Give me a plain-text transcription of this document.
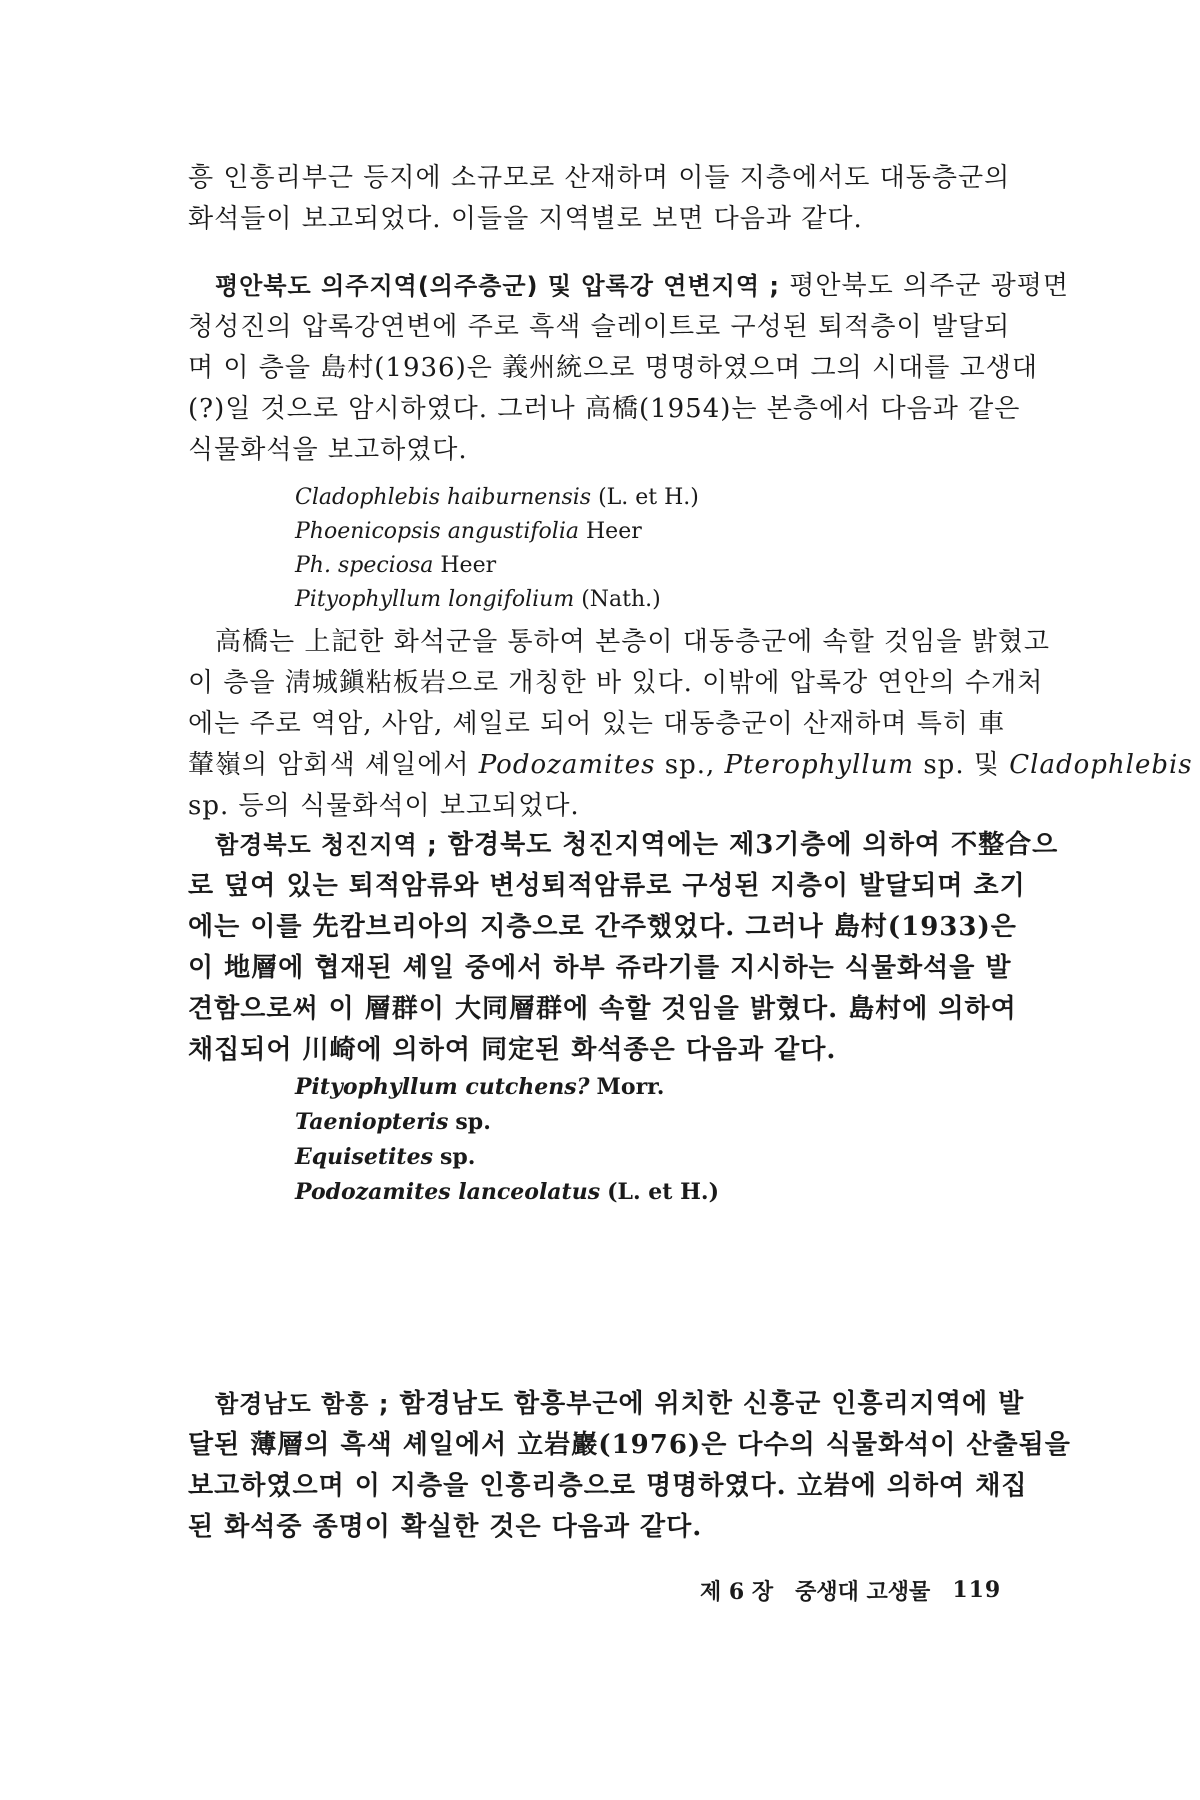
흥 인흥리부근 등지에 소규모로 산재하며 이들 지층에서도 대동층군의

화석들이 보고되었다. 이들을 지역별로 보면 다음과 같다.

 평안북도 의주지역(의주층군) 및 압록강 연변지역 ; 평안북도 의주군 광평면

청성진의 압록강연변에 주로 흑색 슬레이트로 구성된 퇴적층이 발달되

며 이 층을 島村(1936)은 義州統으로 명명하였으며 그의 시대를 고생대

(?)일 것으로 암시하였다. 그러나 高橋(1954)는 본층에서 다음과 같은

식물화석을 보고하였다.

Cladophlebis haiburnensis (L. et H.)
Phoenicopsis angustifolia Heer
Ph. speciosa Heer
Pityophyllum longifolium (Nath.)

 高橋는 上記한 화석군을 통하여 본층이 대동층군에 속할 것임을 밝혔고

이 층을 淸城鎭粘板岩으로 개칭한 바 있다. 이밖에 압록강 연안의 수개처

에는 주로 역암, 사암, 셰일로 되어 있는 대동층군이 산재하며 특히 車

輦嶺의 암회색 셰일에서 Podozamites sp., Pterophyllum sp. 및 Cladophlebis

sp. 등의 식물화석이 보고되었다.

 함경북도 청진지역 ; 함경북도 청진지역에는 제3기층에 의하여 不整合으

로 덮여 있는 퇴적암류와 변성퇴적암류로 구성된 지층이 발달되며 초기

에는 이를 先캄브리아의 지층으로 간주했었다. 그러나 島村(1933)은

이 地層에 협재된 셰일 중에서 하부 쥬라기를 지시하는 식물화석을 발

견함으로써 이 層群이 大同層群에 속할 것임을 밝혔다. 島村에 의하여

채집되어 川崎에 의하여 同定된 화석종은 다음과 같다.

Pityophyllum cutchens? Morr.
Taeniopteris sp.
Equisetites sp.
Podozamites lanceolatus (L. et H.)

 함경남도 함흥 ; 함경남도 함흥부근에 위치한 신흥군 인흥리지역에 발

달된 薄層의 흑색 셰일에서 立岩巖(1976)은 다수의 식물화석이 산출됨을

보고하였으며 이 지층을 인흥리층으로 명명하였다. 立岩에 의하여 채집

된 화석중 종명이 확실한 것은 다음과 같다.

제 6 장 중생대 고생물 119
